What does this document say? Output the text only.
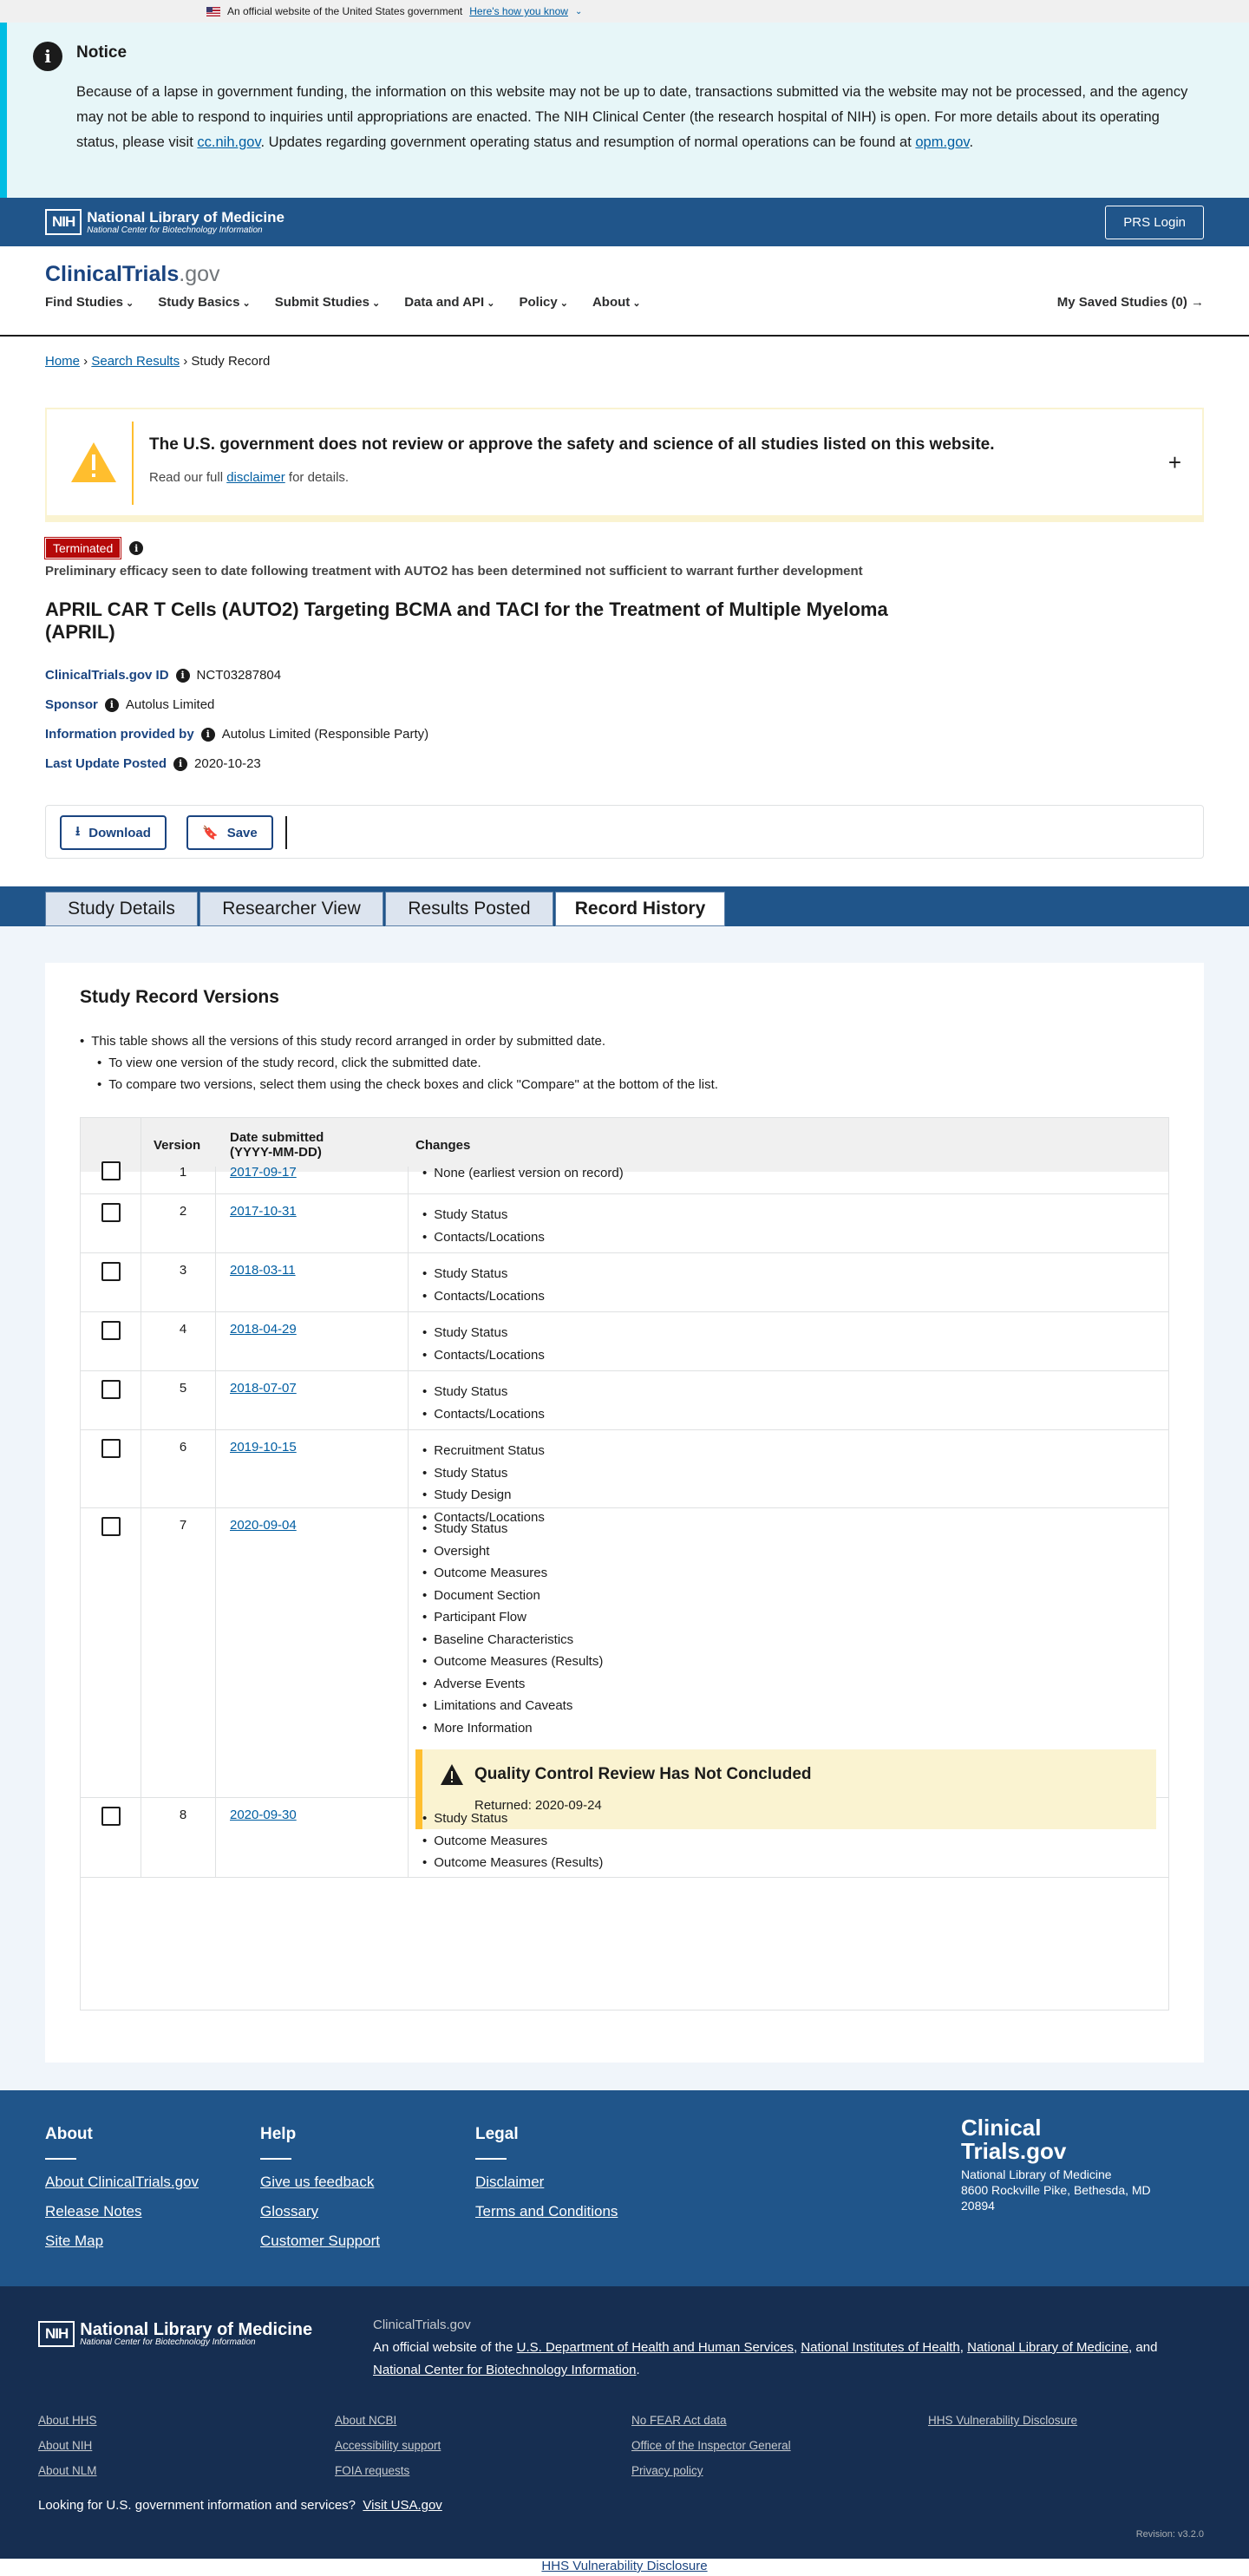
An official website of the United States government Here's how you know ⌄
i	Notice

Because of a lapse in government funding, the information on this website may not be up to date, transactions submitted via the website may not be processed, and the agency may not be able to respond to inquiries until appropriations are enacted. The NIH Clinical Center (the research hospital of NIH) is open. For more details about its operating status, please visit cc.nih.gov. Updates regarding government operating status and resumption of normal operations can be found at opm.gov.

NIH National Library of Medicine
National Center for Biotechnology Information
PRS Login
ClinicalTrials.gov
Find Studies ⌄	Study Basics ⌄	Submit Studies ⌄	Data and API ⌄	Policy ⌄	About ⌄	My Saved Studies (0) →
Home › Search Results › Study Record
The U.S. government does not review or approve the safety and science of all studies listed on this website.

Read our full disclaimer for details.

+
Terminated	i
Preliminary efficacy seen to date following treatment with AUTO2 has been determined not sufficient to warrant further development
APRIL CAR T Cells (AUTO2) Targeting BCMA and TACI for the Treatment of Multiple Myeloma (APRIL)
ClinicalTrials.gov ID	i NCT03287804
Sponsor	i Autolus Limited
Information provided by	i Autolus Limited (Responsible Party)
Last Update Posted	i 2020-10-23
⭳ Download	🔖 Save
Study Details	Researcher View	Results Posted	Record History
Study Record Versions
• This table shows all the versions of this study record arranged in order by submitted date.
• To view one version of the study record, click the submitted date.
• To compare two versions, select them using the check boxes and click "Compare" at the bottom of the list.
Version Date submitted
(YYYY-MM-DD)	Changes
1	2017-09-17	• None (earliest version on record)
2	2017-10-31	• Study Status
• Contacts/Locations
3	2018-03-11	• Study Status
• Contacts/Locations
4	2018-04-29	• Study Status
• Contacts/Locations
5	2018-07-07	• Study Status
• Contacts/Locations
6	2019-10-15	• Recruitment Status
• Study Status
• Study Design
• Contacts/Locations
7	2020-09-04	• Study Status
• Oversight
• Outcome Measures
• Document Section
• Participant Flow
• Baseline Characteristics
• Outcome Measures (Results)
• Adverse Events
• Limitations and Caveats
• More Information
Quality Control Review Has Not Concluded

Returned: 2020-09-24

8	2020-09-30	• Study Status
• Outcome Measures
• Outcome Measures (Results)
About
About ClinicalTrials.gov
Release Notes
Site Map
Help
Give us feedback
Glossary
Customer Support
Legal
Disclaimer
Terms and Conditions
Clinical
Trials.gov
National Library of Medicine
8600 Rockville Pike, Bethesda, MD 20894
NIH National Library of Medicine
National Center for Biotechnology Information
ClinicalTrials.gov
An official website of the U.S. Department of Health and Human Services, National Institutes of Health, National Library of Medicine, and National Center for Biotechnology Information.
About HHS
About NIH
About NLM
About NCBI
Accessibility support
FOIA requests
No FEAR Act data
Office of the Inspector General
Privacy policy
HHS Vulnerability Disclosure
Looking for U.S. government information and services? Visit USA.gov
Revision: v3.2.0
HHS Vulnerability Disclosure
